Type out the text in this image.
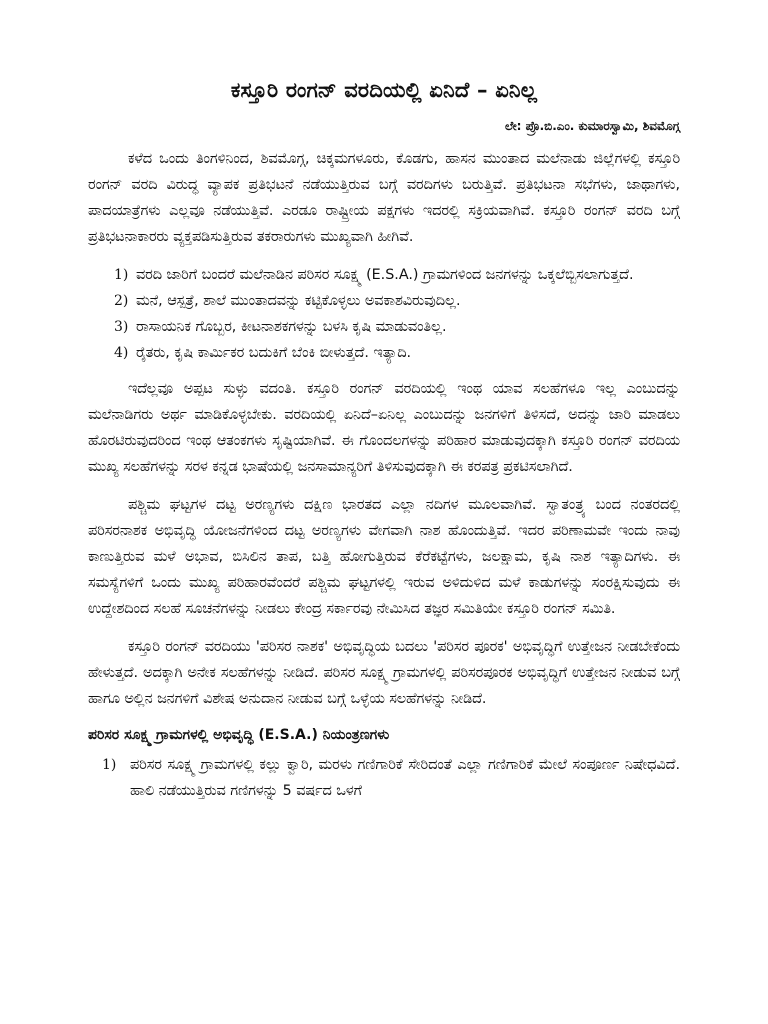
ಕಸ್ತೂರಿ ರಂಗನ್ ವರದಿಯಲ್ಲಿ ಏನಿದೆ – ಏನಿಲ್ಲ
ಲೇ: ಪ್ರೊ.ಬಿ.ಎಂ. ಕುಮಾರಸ್ವಾಮಿ, ಶಿವಮೊಗ್ಗ

ಕಳೆದ ಒಂದು ತಿಂಗಳಿನಿಂದ, ಶಿವಮೊಗ್ಗ, ಚಿಕ್ಕಮಗಳೂರು, ಕೊಡಗು, ಹಾಸನ ಮುಂತಾದ ಮಲೆನಾಡು ಜಿಲ್ಲೆಗಳಲ್ಲಿ ಕಸ್ತೂರಿ ರಂಗನ್ ವರದಿ ವಿರುದ್ಧ ವ್ಯಾಪಕ ಪ್ರತಿಭಟನೆ ನಡೆಯುತ್ತಿರುವ ಬಗ್ಗೆ ವರದಿಗಳು ಬರುತ್ತಿವೆ. ಪ್ರತಿಭಟನಾ ಸಭೆಗಳು, ಜಾಥಾಗಳು, ಪಾದಯಾತ್ರೆಗಳು ಎಲ್ಲವೂ ನಡೆಯುತ್ತಿವೆ. ಎರಡೂ ರಾಷ್ಟ್ರೀಯ ಪಕ್ಷಗಳು ಇದರಲ್ಲಿ ಸಕ್ರಿಯವಾಗಿವೆ. ಕಸ್ತೂರಿ ರಂಗನ್ ವರದಿ ಬಗ್ಗೆ ಪ್ರತಿಭಟನಾಕಾರರು ವ್ಯಕ್ತಪಡಿಸುತ್ತಿರುವ ತಕರಾರುಗಳು ಮುಖ್ಯವಾಗಿ ಹೀಗಿವೆ.

1) ವರದಿ ಜಾರಿಗೆ ಬಂದರೆ ಮಲೆನಾಡಿನ ಪರಿಸರ ಸೂಕ್ಷ್ಮ (E.S.A.) ಗ್ರಾಮಗಳಿಂದ ಜನಗಳನ್ನು ಒಕ್ಕಲೆಬ್ಬಿಸಲಾಗುತ್ತದೆ.
2) ಮನೆ, ಆಸ್ಪತ್ರೆ, ಶಾಲೆ ಮುಂತಾದವನ್ನು ಕಟ್ಟಿಕೊಳ್ಳಲು ಅವಕಾಶವಿರುವುದಿಲ್ಲ.
3) ರಾಸಾಯನಿಕ ಗೊಬ್ಬರ, ಕೀಟನಾಶಕಗಳನ್ನು ಬಳಸಿ ಕೃಷಿ ಮಾಡುವಂತಿಲ್ಲ.
4) ರೈತರು, ಕೃಷಿ ಕಾರ್ಮಿಕರ ಬದುಕಿಗೆ ಬೆಂಕಿ ಬೀಳುತ್ತದೆ. ಇತ್ಯಾದಿ.

ಇದೆಲ್ಲವೂ ಅಪ್ಪಟ ಸುಳ್ಳು ವದಂತಿ. ಕಸ್ತೂರಿ ರಂಗನ್ ವರದಿಯಲ್ಲಿ ಇಂಥ ಯಾವ ಸಲಹೆಗಳೂ ಇಲ್ಲ ಎಂಬುದನ್ನು ಮಲೆನಾಡಿಗರು ಅರ್ಥ ಮಾಡಿಕೊಳ್ಳಬೇಕು. ವರದಿಯಲ್ಲಿ ಏನಿದೆ–ಏನಿಲ್ಲ ಎಂಬುದನ್ನು ಜನಗಳಿಗೆ ತಿಳಿಸದೆ, ಅದನ್ನು ಜಾರಿ ಮಾಡಲು ಹೊರಟಿರುವುದರಿಂದ ಇಂಥ ಆತಂಕಗಳು ಸೃಷ್ಟಿಯಾಗಿವೆ. ಈ ಗೊಂದಲಗಳನ್ನು ಪರಿಹಾರ ಮಾಡುವುದಕ್ಕಾಗಿ ಕಸ್ತೂರಿ ರಂಗನ್ ವರದಿಯ ಮುಖ್ಯ ಸಲಹೆಗಳನ್ನು ಸರಳ ಕನ್ನಡ ಭಾಷೆಯಲ್ಲಿ ಜನಸಾಮಾನ್ಯರಿಗೆ ತಿಳಿಸುವುದಕ್ಕಾಗಿ ಈ ಕರಪತ್ರ ಪ್ರಕಟಿಸಲಾಗಿದೆ.

ಪಶ್ಚಿಮ ಘಟ್ಟಗಳ ದಟ್ಟ ಅರಣ್ಯಗಳು ದಕ್ಷಿಣ ಭಾರತದ ಎಲ್ಲಾ ನದಿಗಳ ಮೂಲವಾಗಿವೆ. ಸ್ವಾತಂತ್ರ್ಯ ಬಂದ ನಂತರದಲ್ಲಿ ಪರಿಸರನಾಶಕ ಅಭಿವೃದ್ಧಿ ಯೋಜನೆಗಳಿಂದ ದಟ್ಟ ಅರಣ್ಯಗಳು ವೇಗವಾಗಿ ನಾಶ ಹೊಂದುತ್ತಿವೆ. ಇದರ ಪರಿಣಾಮವೇ ಇಂದು ನಾವು ಕಾಣುತ್ತಿರುವ ಮಳೆ ಅಭಾವ, ಬಿಸಿಲಿನ ತಾಪ, ಬತ್ತಿ ಹೋಗುತ್ತಿರುವ ಕೆರೆಕಟ್ಟೆಗಳು, ಜಲಕ್ಷಾಮ, ಕೃಷಿ ನಾಶ ಇತ್ಯಾದಿಗಳು. ಈ ಸಮಸ್ಯೆಗಳಿಗೆ ಒಂದು ಮುಖ್ಯ ಪರಿಹಾರವೆಂದರೆ ಪಶ್ಚಿಮ ಘಟ್ಟಗಳಲ್ಲಿ ಇರುವ ಅಳಿದುಳಿದ ಮಳೆ ಕಾಡುಗಳನ್ನು ಸಂರಕ್ಷಿಸುವುದು ಈ ಉದ್ದೇಶದಿಂದ ಸಲಹೆ ಸೂಚನೆಗಳನ್ನು ನೀಡಲು ಕೇಂದ್ರ ಸರ್ಕಾರವು ನೇಮಿಸಿದ ತಜ್ಞರ ಸಮಿತಿಯೇ ಕಸ್ತೂರಿ ರಂಗನ್ ಸಮಿತಿ.

ಕಸ್ತೂರಿ ರಂಗನ್ ವರದಿಯು 'ಪರಿಸರ ನಾಶಕ' ಅಭಿವೃದ್ಧಿಯ ಬದಲು 'ಪರಿಸರ ಪೂರಕ' ಅಭಿವೃದ್ಧಿಗೆ ಉತ್ತೇಜನ ನೀಡಬೇಕೆಂದು ಹೇಳುತ್ತದೆ. ಅದಕ್ಕಾಗಿ ಅನೇಕ ಸಲಹೆಗಳನ್ನು ನೀಡಿದೆ. ಪರಿಸರ ಸೂಕ್ಷ್ಮ ಗ್ರಾಮಗಳಲ್ಲಿ ಪರಿಸರಪೂರಕ ಅಭಿವೃದ್ಧಿಗೆ ಉತ್ತೇಜನ ನೀಡುವ ಬಗ್ಗೆ ಹಾಗೂ ಅಲ್ಲಿನ ಜನಗಳಿಗೆ ವಿಶೇಷ ಅನುದಾನ ನೀಡುವ ಬಗ್ಗೆ ಒಳ್ಳೆಯ ಸಲಹೆಗಳನ್ನು ನೀಡಿದೆ.

ಪರಿಸರ ಸೂಕ್ಷ್ಮ ಗ್ರಾಮಗಳಲ್ಲಿ ಅಭಿವೃದ್ಧಿ (E.S.A.) ನಿಯಂತ್ರಣಗಳು
1) ಪರಿಸರ ಸೂಕ್ಷ್ಮ ಗ್ರಾಮಗಳಲ್ಲಿ ಕಲ್ಲು ಕ್ವಾರಿ, ಮರಳು ಗಣಿಗಾರಿಕೆ ಸೇರಿದಂತೆ ಎಲ್ಲಾ ಗಣಿಗಾರಿಕೆ ಮೇಲೆ ಸಂಪೂರ್ಣ ನಿಷೇಧವಿದೆ. ಹಾಲಿ ನಡೆಯುತ್ತಿರುವ ಗಣಿಗಳನ್ನು 5 ವರ್ಷದ ಒಳಗೆ
